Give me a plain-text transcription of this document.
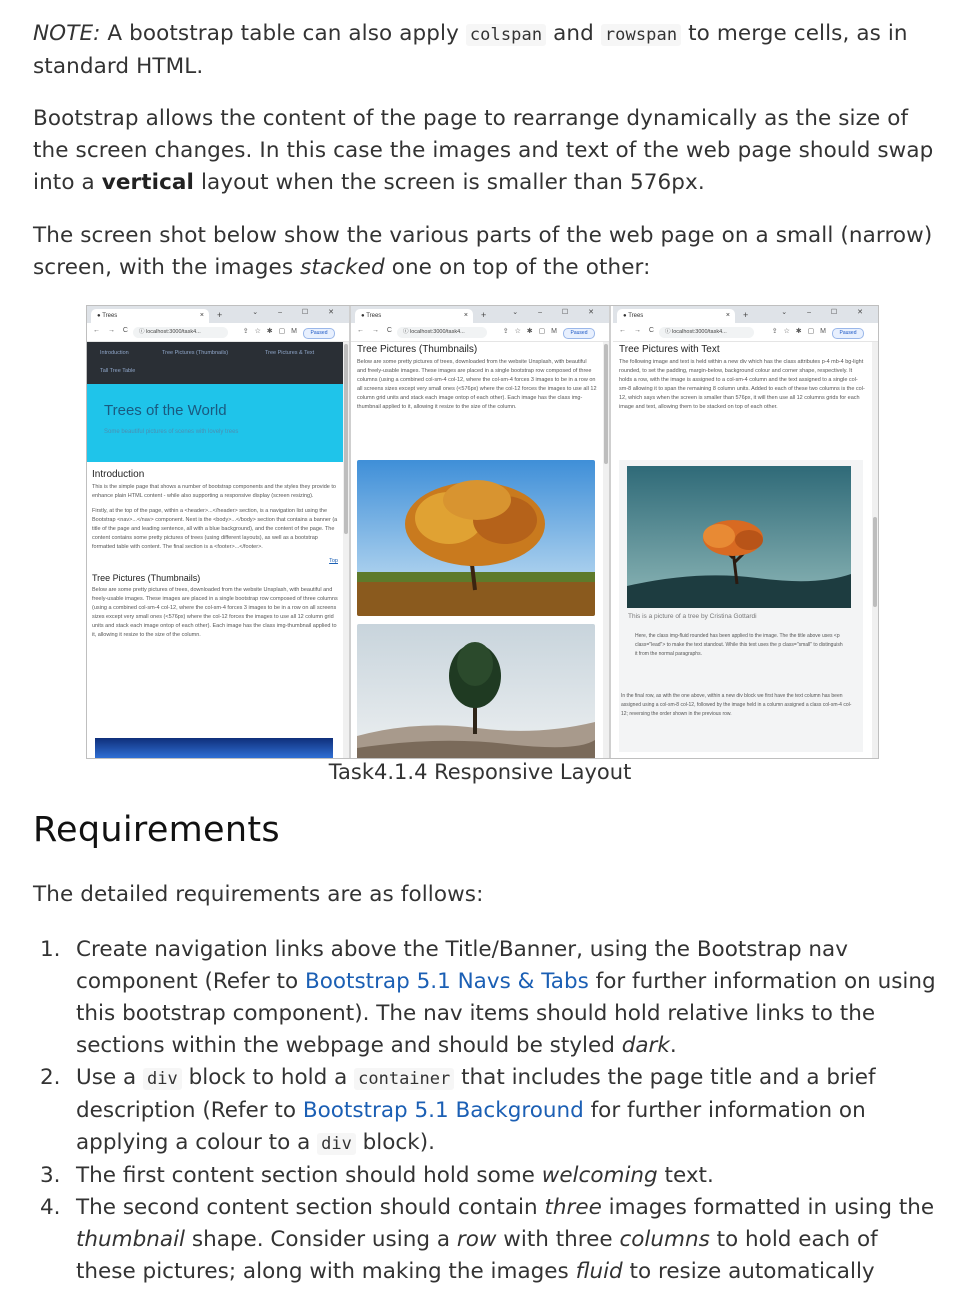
NOTE: A bootstrap table can also apply colspan and rowspan to merge cells, as in standard HTML.

Bootstrap allows the content of the page to rearrange dynamically as the size of the screen changes. In this case the images and text of the web page should swap into a vertical layout when the screen is smaller than 576px.

The screen shot below show the various parts of the web page on a small (narrow) screen, with the images stacked one on top of the other:

● Trees	× +	⌄ – ☐ ✕
← → C	ⓘ localhost:3000/task4...	⇪ ☆ ✱ ▢ M	Paused
Introduction	Tree Pictures (Thumbnails)	Tree Pictures & Text
Tall Tree Table
Trees of the World
Some beautiful pictures of scenes with lovely trees

Introduction

This is the simple page that shows a number of bootstrap components and the styles they provide to enhance plain HTML content - while also supporting a responsive display (screen resizing).

Firstly, at the top of the page, within a <header>...</header> section, is a navigation list using the Bootstrap <nav>...</nav> component. Next is the <body>...</body> section that contains a banner (a title of the page and leading sentence, all with a blue background), and the content of the page. The content contains some pretty pictures of trees (using different layouts), as well as a bootstrap formatted table with content. The final section is a <footer>...</footer>.

Top

Tree Pictures (Thumbnails)

Below are some pretty pictures of trees, downloaded from the website Unsplash, with beautiful and freely-usable images. These images are placed in a single bootstrap row composed of three columns (using a combined col-sm-4 col-12, where the col-sm-4 forces 3 images to be in a row on all screens sizes except very small ones (<576px) where the col-12 forces the images to use all 12 column grid units and stack each image ontop of each other). Each image has the class img-thumbnail applied to it, allowing it resize to the size of the column.

● Trees	× +	⌄ – ☐ ✕
← → C	ⓘ localhost:3000/task4...	⇪ ☆ ✱ ▢ M	Paused

Tree Pictures (Thumbnails)

Below are some pretty pictures of trees, downloaded from the website Unsplash, with beautiful and freely-usable images. These images are placed in a single bootstrap row composed of three columns (using a combined col-sm-4 col-12, where the col-sm-4 forces 3 images to be in a row on all screens sizes except very small ones (<576px) where the col-12 forces the images to use all 12 column grid units and stack each image ontop of each other). Each image has the class img-thumbnail applied to it, allowing it resize to the size of the column.

● Trees	× +	⌄ – ☐ ✕
← → C	ⓘ localhost:3000/task4...	⇪ ☆ ✱ ▢ M	Paused

Tree Pictures with Text

The following image and text is held within a new div which has the class attributes p-4 mb-4 bg-light rounded, to set the padding, margin-below, background colour and corner shape, respectively. It holds a row, with the image is assigned to a col-sm-4 column and the text assigned to a single col-sm-8 allowing it to span the remaining 8 column units. Added to each of these two columns is the col-12, which says when the screen is smaller than 576px, it will then use all 12 columns grids for each image and text, allowing them to be stacked on top of each other.

This is a picture of a tree by Cristina Gottardi

Here, the class img-fluid rounded has been applied to the image. The the title above uses <p class="lead"> to make the text standout. While this text uses the p class="small" to distinguish it from the normal paragraphs.

In the final row, as with the one above, within a new div block we first have the text column has been assigned using a col-sm-8 col-12, followed by the image held in a column assigned a class col-sm-4 col-12; reversing the order shown in the previous row.

Task4.1.4 Responsive Layout
Requirements

The detailed requirements are as follows:

1. Create navigation links above the Title/Banner, using the Bootstrap nav component (Refer to Bootstrap 5.1 Navs & Tabs for further information on using this bootstrap component). The nav items should hold relative links to the sections within the webpage and should be styled dark.
2. Use a div block to hold a container that includes the page title and a brief description (Refer to Bootstrap 5.1 Background for further information on applying a colour to a div block).
3. The first content section should hold some welcoming text.
4. The second content section should contain three images formatted in using the thumbnail shape. Consider using a row with three columns to hold each of these pictures; along with making the images fluid to resize automatically
